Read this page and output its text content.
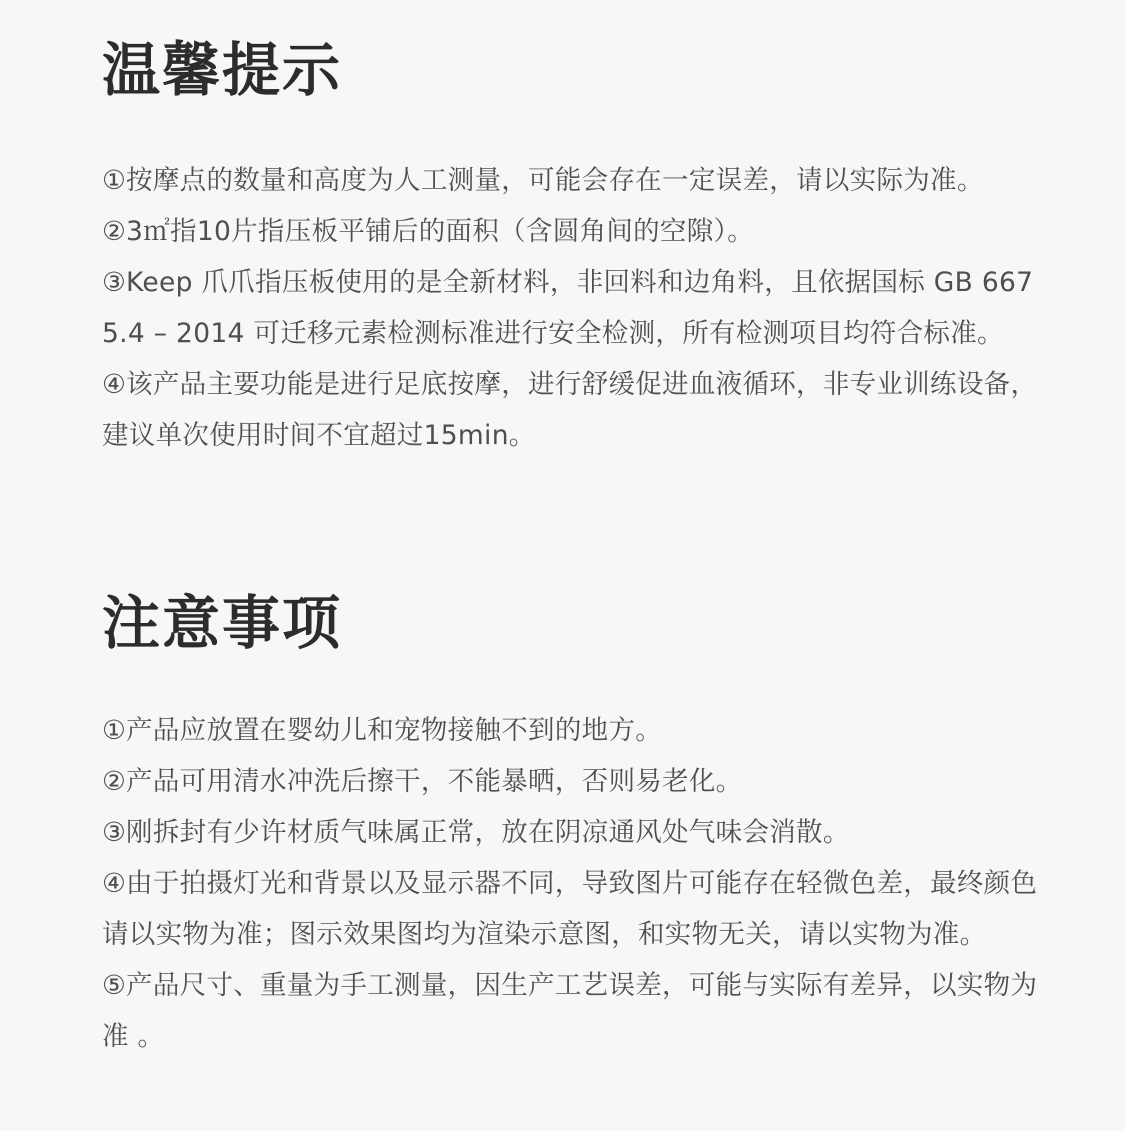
温馨提示
①按摩点的数量和高度为人工测量，可能会存在一定误差，请以实际为准。
②3㎡指10片指压板平铺后的面积（含圆角间的空隙）。
③Keep 爪爪指压板使用的是全新材料，非回料和边角料，且依据国标 GB 6675.4 – 2014 可迁移元素检测标准进行安全检测，所有检测项目均符合标准。
④该产品主要功能是进行足底按摩，进行舒缓促进血液循环，非专业训练设备，建议单次使用时间不宜超过15min。
注意事项
①产品应放置在婴幼儿和宠物接触不到的地方。
②产品可用清水冲洗后擦干，不能暴晒，否则易老化。
③刚拆封有少许材质气味属正常，放在阴凉通风处气味会消散。
④由于拍摄灯光和背景以及显示器不同，导致图片可能存在轻微色差，最终颜色请以实物为准；图示效果图均为渲染示意图，和实物无关，请以实物为准。
⑤产品尺寸、重量为手工测量，因生产工艺误差，可能与实际有差异，以实物为准 。
